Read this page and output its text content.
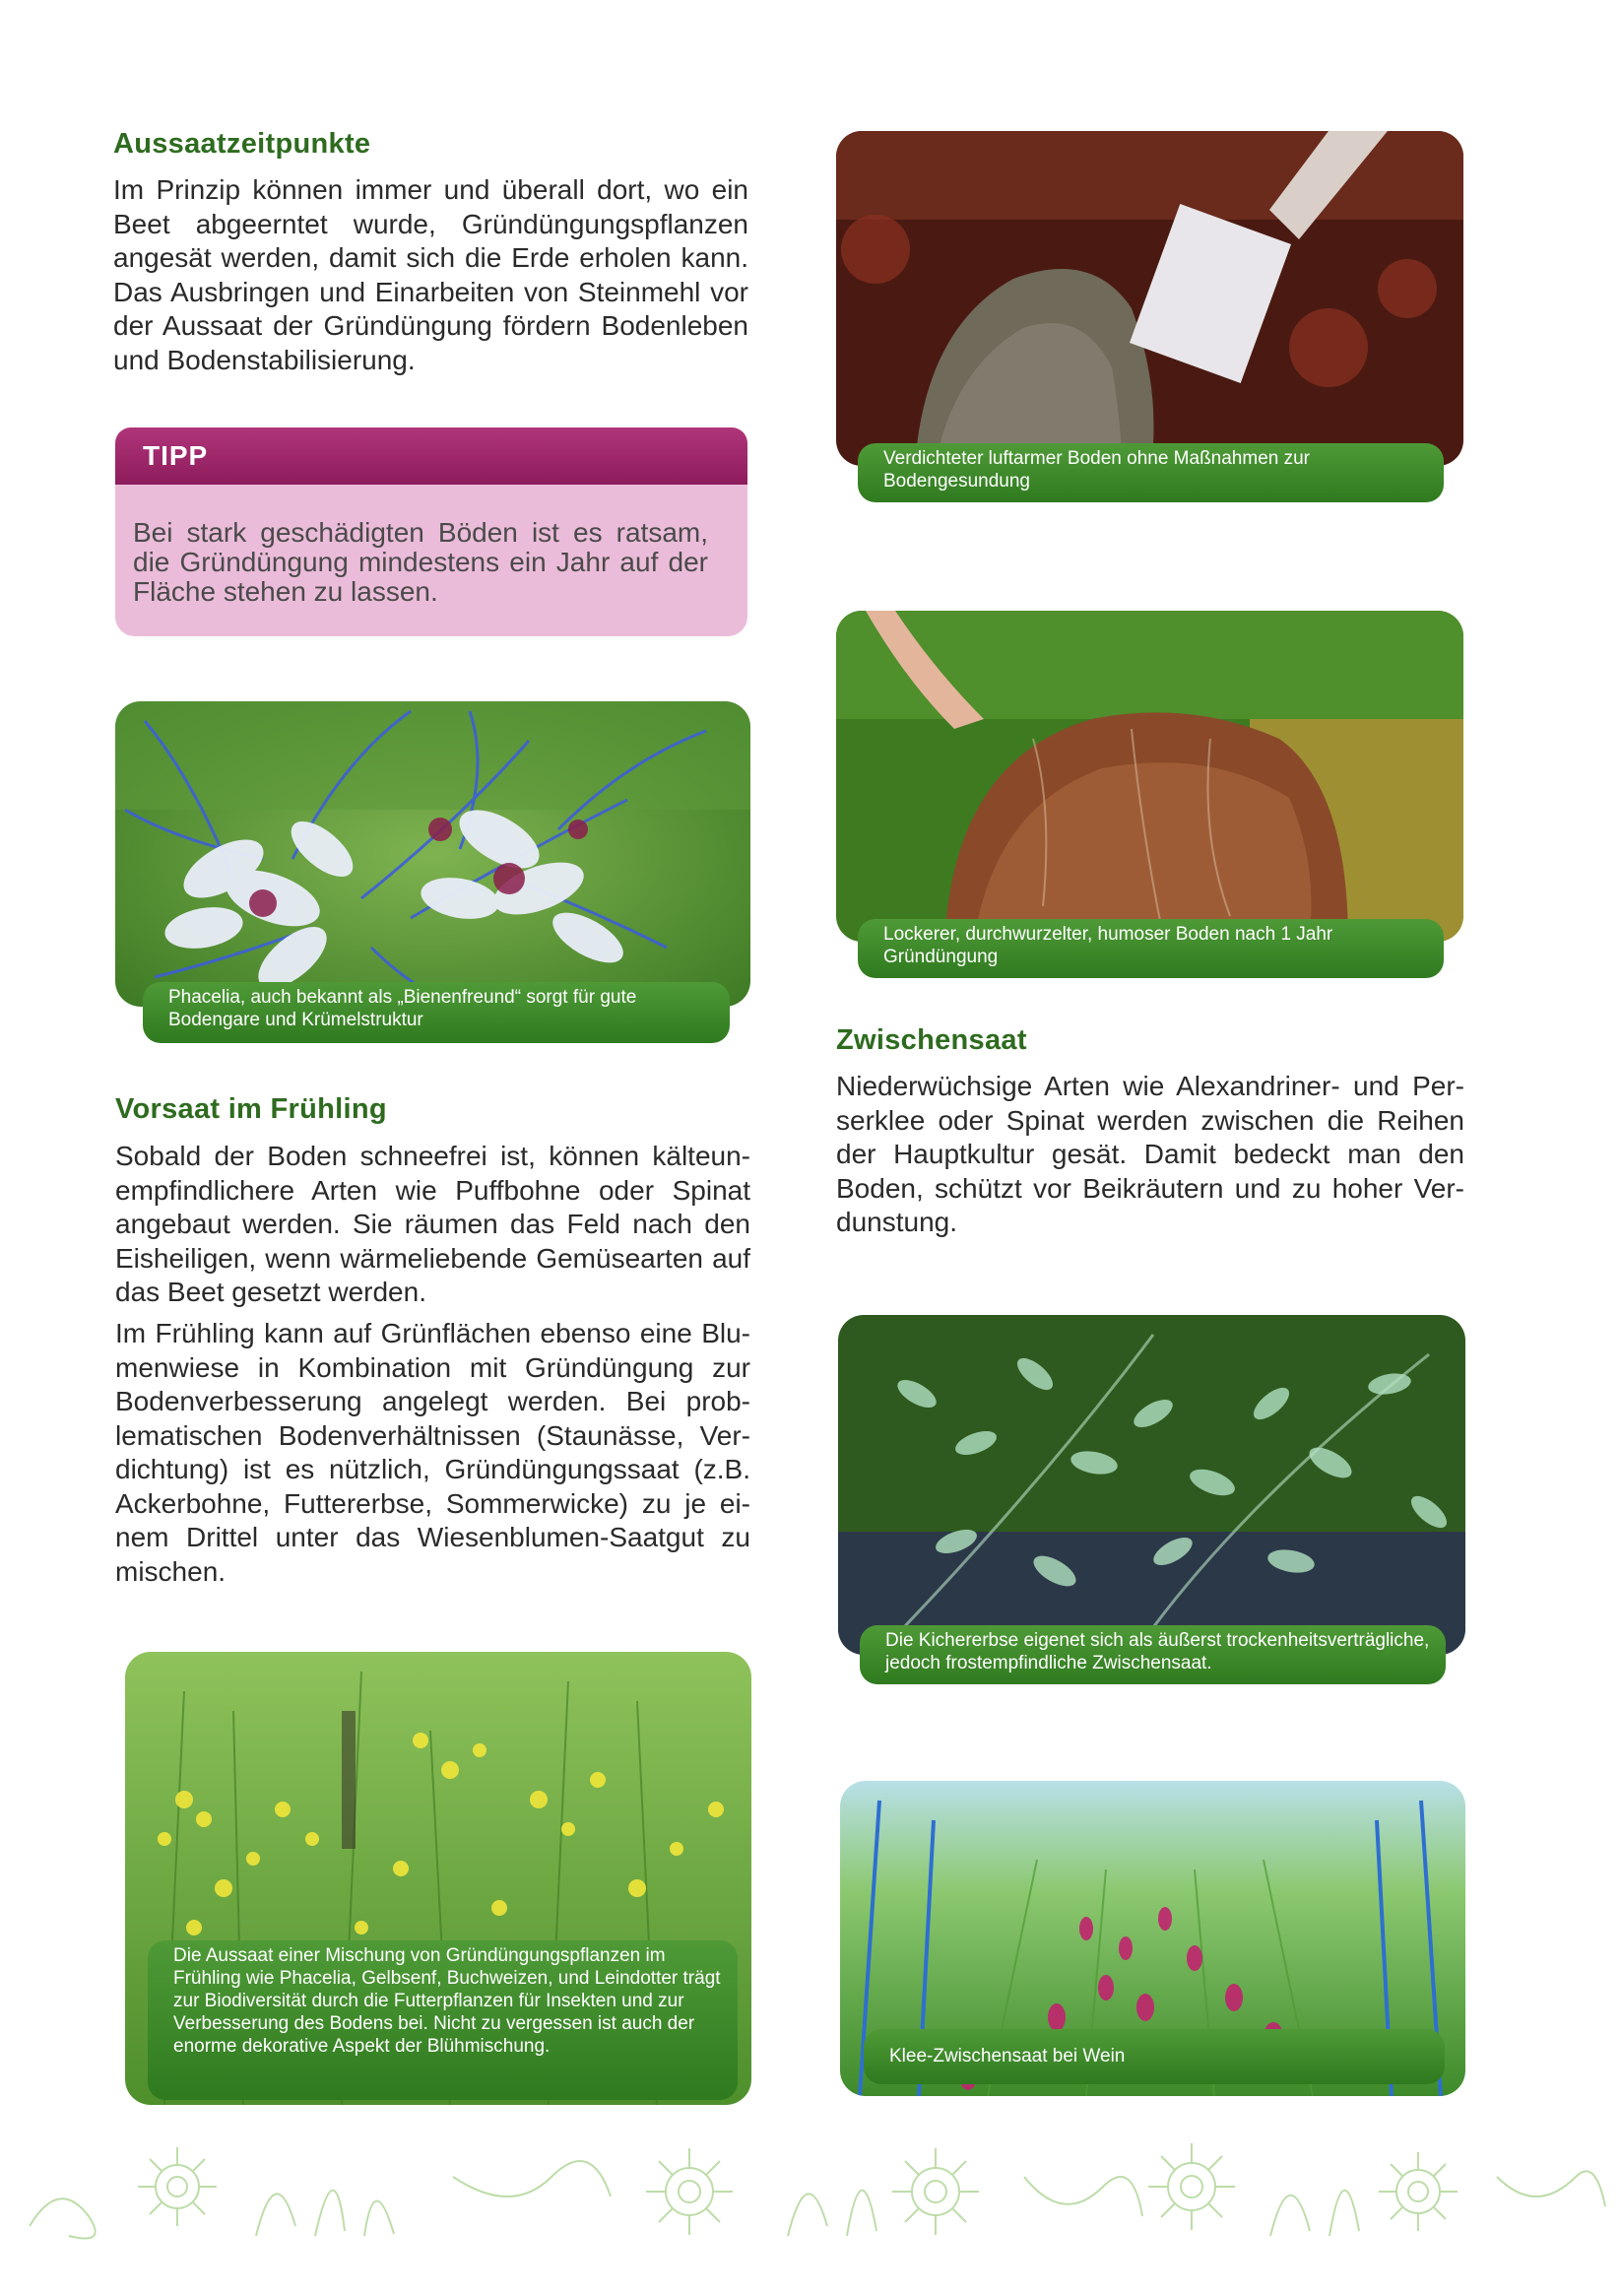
Aussaatzeitpunkte

Im Prinzip können immer und überall dort, wo ein Beet abgeerntet wurde, Gründüngungspflanzen angesät werden, damit sich die Erde erholen kann. Das Ausbringen und Einarbeiten von Steinmehl vor der Aussaat der Gründüngung fördern Bodenleben und Bodenstabilisierung.

TIPP

Bei stark geschädigten Böden ist es ratsam, die Gründüngung mindestens ein Jahr auf der Fläche stehen zu lassen.

Phacelia, auch bekannt als „Bienenfreund“ sorgt für gute Bodengare und Krümelstruktur
Vorsaat im Frühling

Sobald der Boden schneefrei ist, können kälteunempfindlichere Arten wie Puffbohne oder Spinat angebaut werden. Sie räumen das Feld nach den Eisheiligen, wenn wärmeliebende Gemüsearten auf das Beet gesetzt werden.

Im Frühling kann auf Grünflächen ebenso eine Blumenwiese in Kombination mit Gründüngung zur Bodenverbesserung angelegt werden. Bei problematischen Bodenverhältnissen (Staunässe, Verdichtung) ist es nützlich, Gründüngungssaat (z.B. Ackerbohne, Futtererbse, Sommerwicke) zu je einem Drittel unter das Wiesenblumen-Saatgut zu mischen.

Die Aussaat einer Mischung von Gründüngungspflanzen im Frühling wie Phacelia, Gelbsenf, Buchweizen, und Leindotter trägt zur Biodiversität durch die Futterpflanzen für Insekten und zur Verbesserung des Bodens bei. Nicht zu vergessen ist auch der enorme dekorative Aspekt der Blühmischung.
Verdichteter luftarmer Boden ohne Maßnahmen zur Bodengesundung
Lockerer, durchwurzelter, humoser Boden nach 1 Jahr Gründüngung
Zwischensaat

Niederwüchsige Arten wie Alexandriner- und Perserklee oder Spinat werden zwischen die Reihen der Hauptkultur gesät. Damit bedeckt man den Boden, schützt vor Beikräutern und zu hoher Verdunstung.

Die Kichererbse eigenet sich als äußerst trockenheitsverträgliche, jedoch frostempfindliche Zwischensaat.
Klee-Zwischensaat bei Wein
